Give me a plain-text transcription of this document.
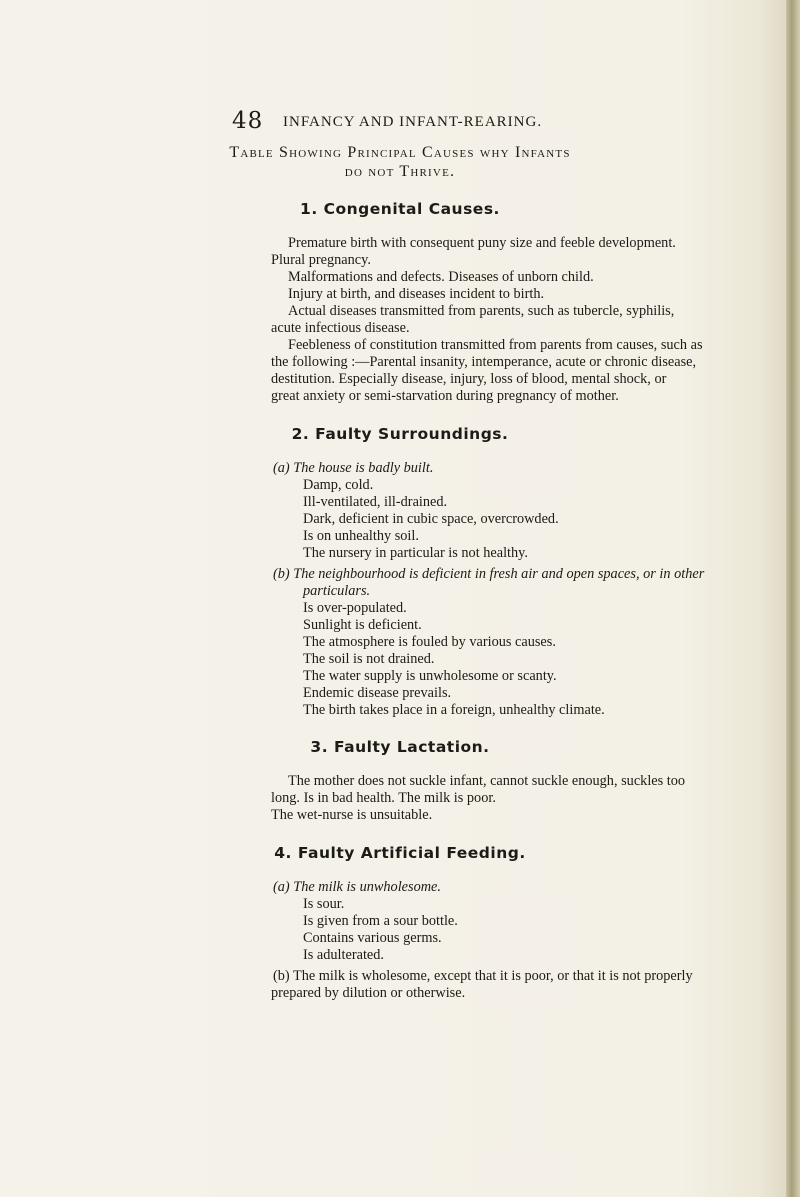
48 INFANCY AND INFANT-REARING.
Table Showing Principal Causes why Infants
do not Thrive.
1. Congenital Causes.
Premature birth with consequent puny size and feeble development.
Plural pregnancy.
Malformations and defects. Diseases of unborn child.
Injury at birth, and diseases incident to birth.
Actual diseases transmitted from parents, such as tubercle, syphilis,
acute infectious disease.
Feebleness of constitution transmitted from parents from causes, such as
the following :—Parental insanity, intemperance, acute or chronic disease,
destitution. Especially disease, injury, loss of blood, mental shock, or
great anxiety or semi-starvation during pregnancy of mother.
2. Faulty Surroundings.
(a) The house is badly built.
Damp, cold.
Ill-ventilated, ill-drained.
Dark, deficient in cubic space, overcrowded.
Is on unhealthy soil.
The nursery in particular is not healthy.
(b) The neighbourhood is deficient in fresh air and open spaces, or in other
particulars.
Is over-populated.
Sunlight is deficient.
The atmosphere is fouled by various causes.
The soil is not drained.
The water supply is unwholesome or scanty.
Endemic disease prevails.
The birth takes place in a foreign, unhealthy climate.
3. Faulty Lactation.
The mother does not suckle infant, cannot suckle enough, suckles too
long. Is in bad health. The milk is poor.
The wet-nurse is unsuitable.
4. Faulty Artificial Feeding.
(a) The milk is unwholesome.
Is sour.
Is given from a sour bottle.
Contains various germs.
Is adulterated.
(b) The milk is wholesome, except that it is poor, or that it is not properly
prepared by dilution or otherwise.
